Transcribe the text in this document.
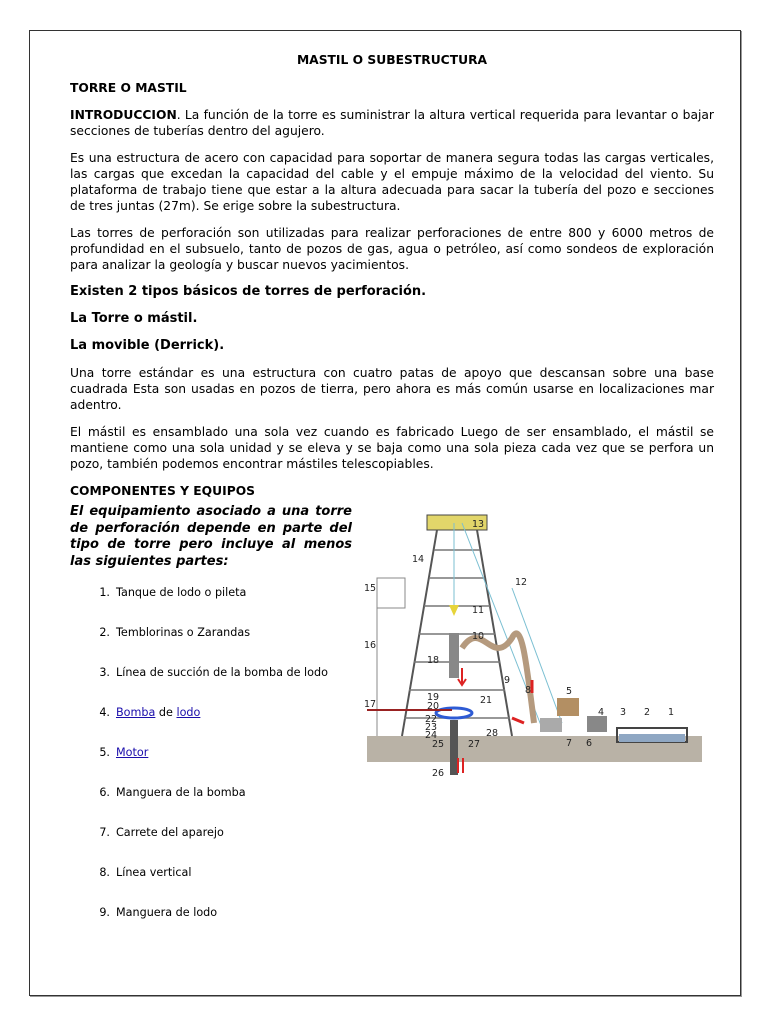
MASTIL O SUBESTRUCTURA
TORRE O MASTIL

INTRODUCCION. La función de la torre es suministrar la altura vertical requerida para levantar o bajar secciones de tuberías dentro del agujero.

Es una estructura de acero con capacidad para soportar de manera segura todas las cargas verticales, las cargas que excedan la capacidad del cable y el empuje máximo de la velocidad del viento. Su plataforma de trabajo tiene que estar a la altura adecuada para sacar la tubería del pozo e secciones de tres juntas (27m). Se erige sobre la subestructura.

Las torres de perforación son utilizadas para realizar perforaciones de entre 800 y 6000 metros de profundidad en el subsuelo, tanto de pozos de gas, agua o petróleo, así como sondeos de exploración para analizar la geología y buscar nuevos yacimientos.

Existen 2 tipos básicos de torres de perforación.
La Torre o mástil.
La movible (Derrick).

Una torre estándar es una estructura con cuatro patas de apoyo que descansan sobre una base cuadrada Esta son usadas en pozos de tierra, pero ahora es más común usarse en localizaciones mar adentro.

El mástil es ensamblado una sola vez cuando es fabricado Luego de ser ensamblado, el mástil se mantiene como una sola unidad y se eleva y se baja como una sola pieza cada vez que se perfora un pozo, también podemos encontrar mástiles telescopiables.

COMPONENTES Y EQUIPOS
El equipamiento asociado a una torre de perforación depende en parte del tipo de torre pero incluye al menos las siguientes partes:
1. Tanque de lodo o pileta
2. Temblorinas o Zarandas
3. Línea de succión de la bomba de lodo
4. Bomba de lodo
5. Motor
6. Manguera de la bomba
7. Carrete del aparejo
8. Línea vertical
9. Manguera de lodo
1
2
3
4
5
6
7
8
9
10
11
12
13
14
15
16
17
18
19
20
21
22
23
24
25
26
27
28
